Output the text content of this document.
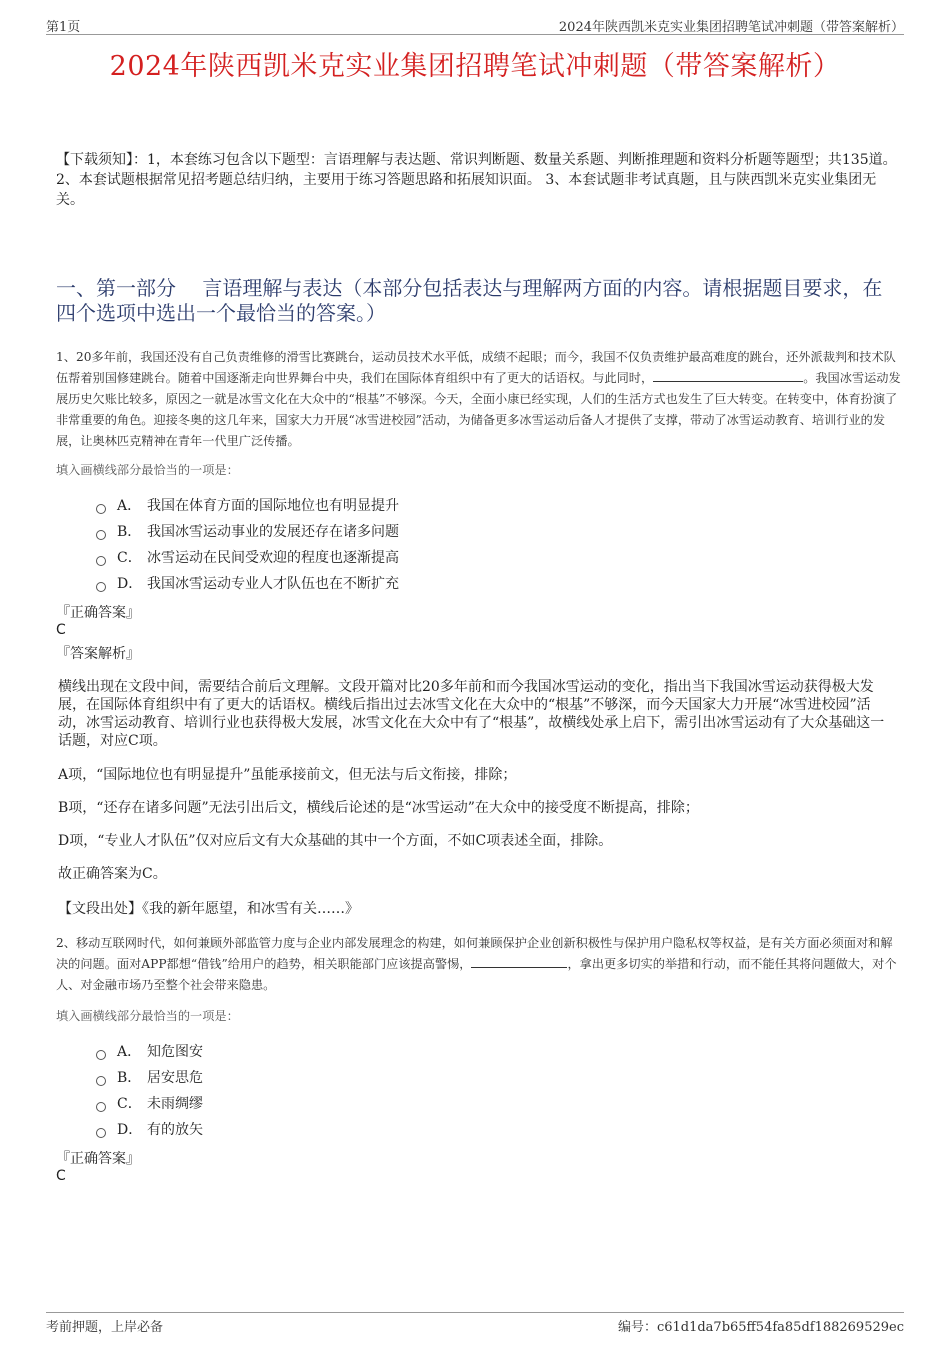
第1页	2024年陕西凯米克实业集团招聘笔试冲刺题（带答案解析）
2024年陕西凯米克实业集团招聘笔试冲刺题（带答案解析）
【下载须知】：1，本套练习包含以下题型：言语理解与表达题、常识判断题、数量关系题、判断推理题和资料分析题等题型；共135道。 2、本套试题根据常见招考题总结归纳，主要用于练习答题思路和拓展知识面。 3、本套试题非考试真题，且与陕西凯米克实业集团无关。
一、第一部分　 言语理解与表达（本部分包括表达与理解两方面的内容。请根据题目要求，在四个选项中选出一个最恰当的答案。）
1、20多年前，我国还没有自己负责维修的滑雪比赛跳台，运动员技术水平低，成绩不起眼；而今，我国不仅负责维护最高难度的跳台，还外派裁判和技术队伍帮着别国修建跳台。随着中国逐渐走向世界舞台中央，我们在国际体育组织中有了更大的话语权。与此同时，	。我国冰雪运动发展历史欠账比较多，原因之一就是冰雪文化在大众中的“根基”不够深。今天，全面小康已经实现，人们的生活方式也发生了巨大转变。在转变中，体育扮演了非常重要的角色。迎接冬奥的这几年来，国家大力开展“冰雪进校园”活动，为储备更多冰雪运动后备人才提供了支撑，带动了冰雪运动教育、培训行业的发展，让奥林匹克精神在青年一代里广泛传播。
填入画横线部分最恰当的一项是：
A． 我国在体育方面的国际地位也有明显提升
B． 我国冰雪运动事业的发展还存在诸多问题
C． 冰雪运动在民间受欢迎的程度也逐渐提高
D． 我国冰雪运动专业人才队伍也在不断扩充
『正确答案』
C
『答案解析』
横线出现在文段中间，需要结合前后文理解。文段开篇对比20多年前和而今我国冰雪运动的变化，指出当下我国冰雪运动获得极大发展，在国际体育组织中有了更大的话语权。横线后指出过去冰雪文化在大众中的“根基”不够深，而今天国家大力开展“冰雪进校园”活动，冰雪运动教育、培训行业也获得极大发展，冰雪文化在大众中有了“根基”，故横线处承上启下，需引出冰雪运动有了大众基础这一话题，对应C项。
A项，“国际地位也有明显提升”虽能承接前文，但无法与后文衔接，排除；
B项，“还存在诸多问题”无法引出后文，横线后论述的是“冰雪运动”在大众中的接受度不断提高，排除；
D项，“专业人才队伍”仅对应后文有大众基础的其中一个方面，不如C项表述全面，排除。
故正确答案为C。
【文段出处】《我的新年愿望，和冰雪有关……》
2、移动互联网时代，如何兼顾外部监管力度与企业内部发展理念的构建，如何兼顾保护企业创新积极性与保护用户隐私权等权益，是有关方面必须面对和解决的问题。面对APP都想“借钱”给用户的趋势，相关职能部门应该提高警惕，	，拿出更多切实的举措和行动，而不能任其将问题做大，对个人、对金融市场乃至整个社会带来隐患。
填入画横线部分最恰当的一项是：
A． 知危图安
B． 居安思危
C． 未雨绸缪
D． 有的放矢
『正确答案』
C
考前押题，上岸必备	编号：c61d1da7b65ff54fa85df188269529ec
